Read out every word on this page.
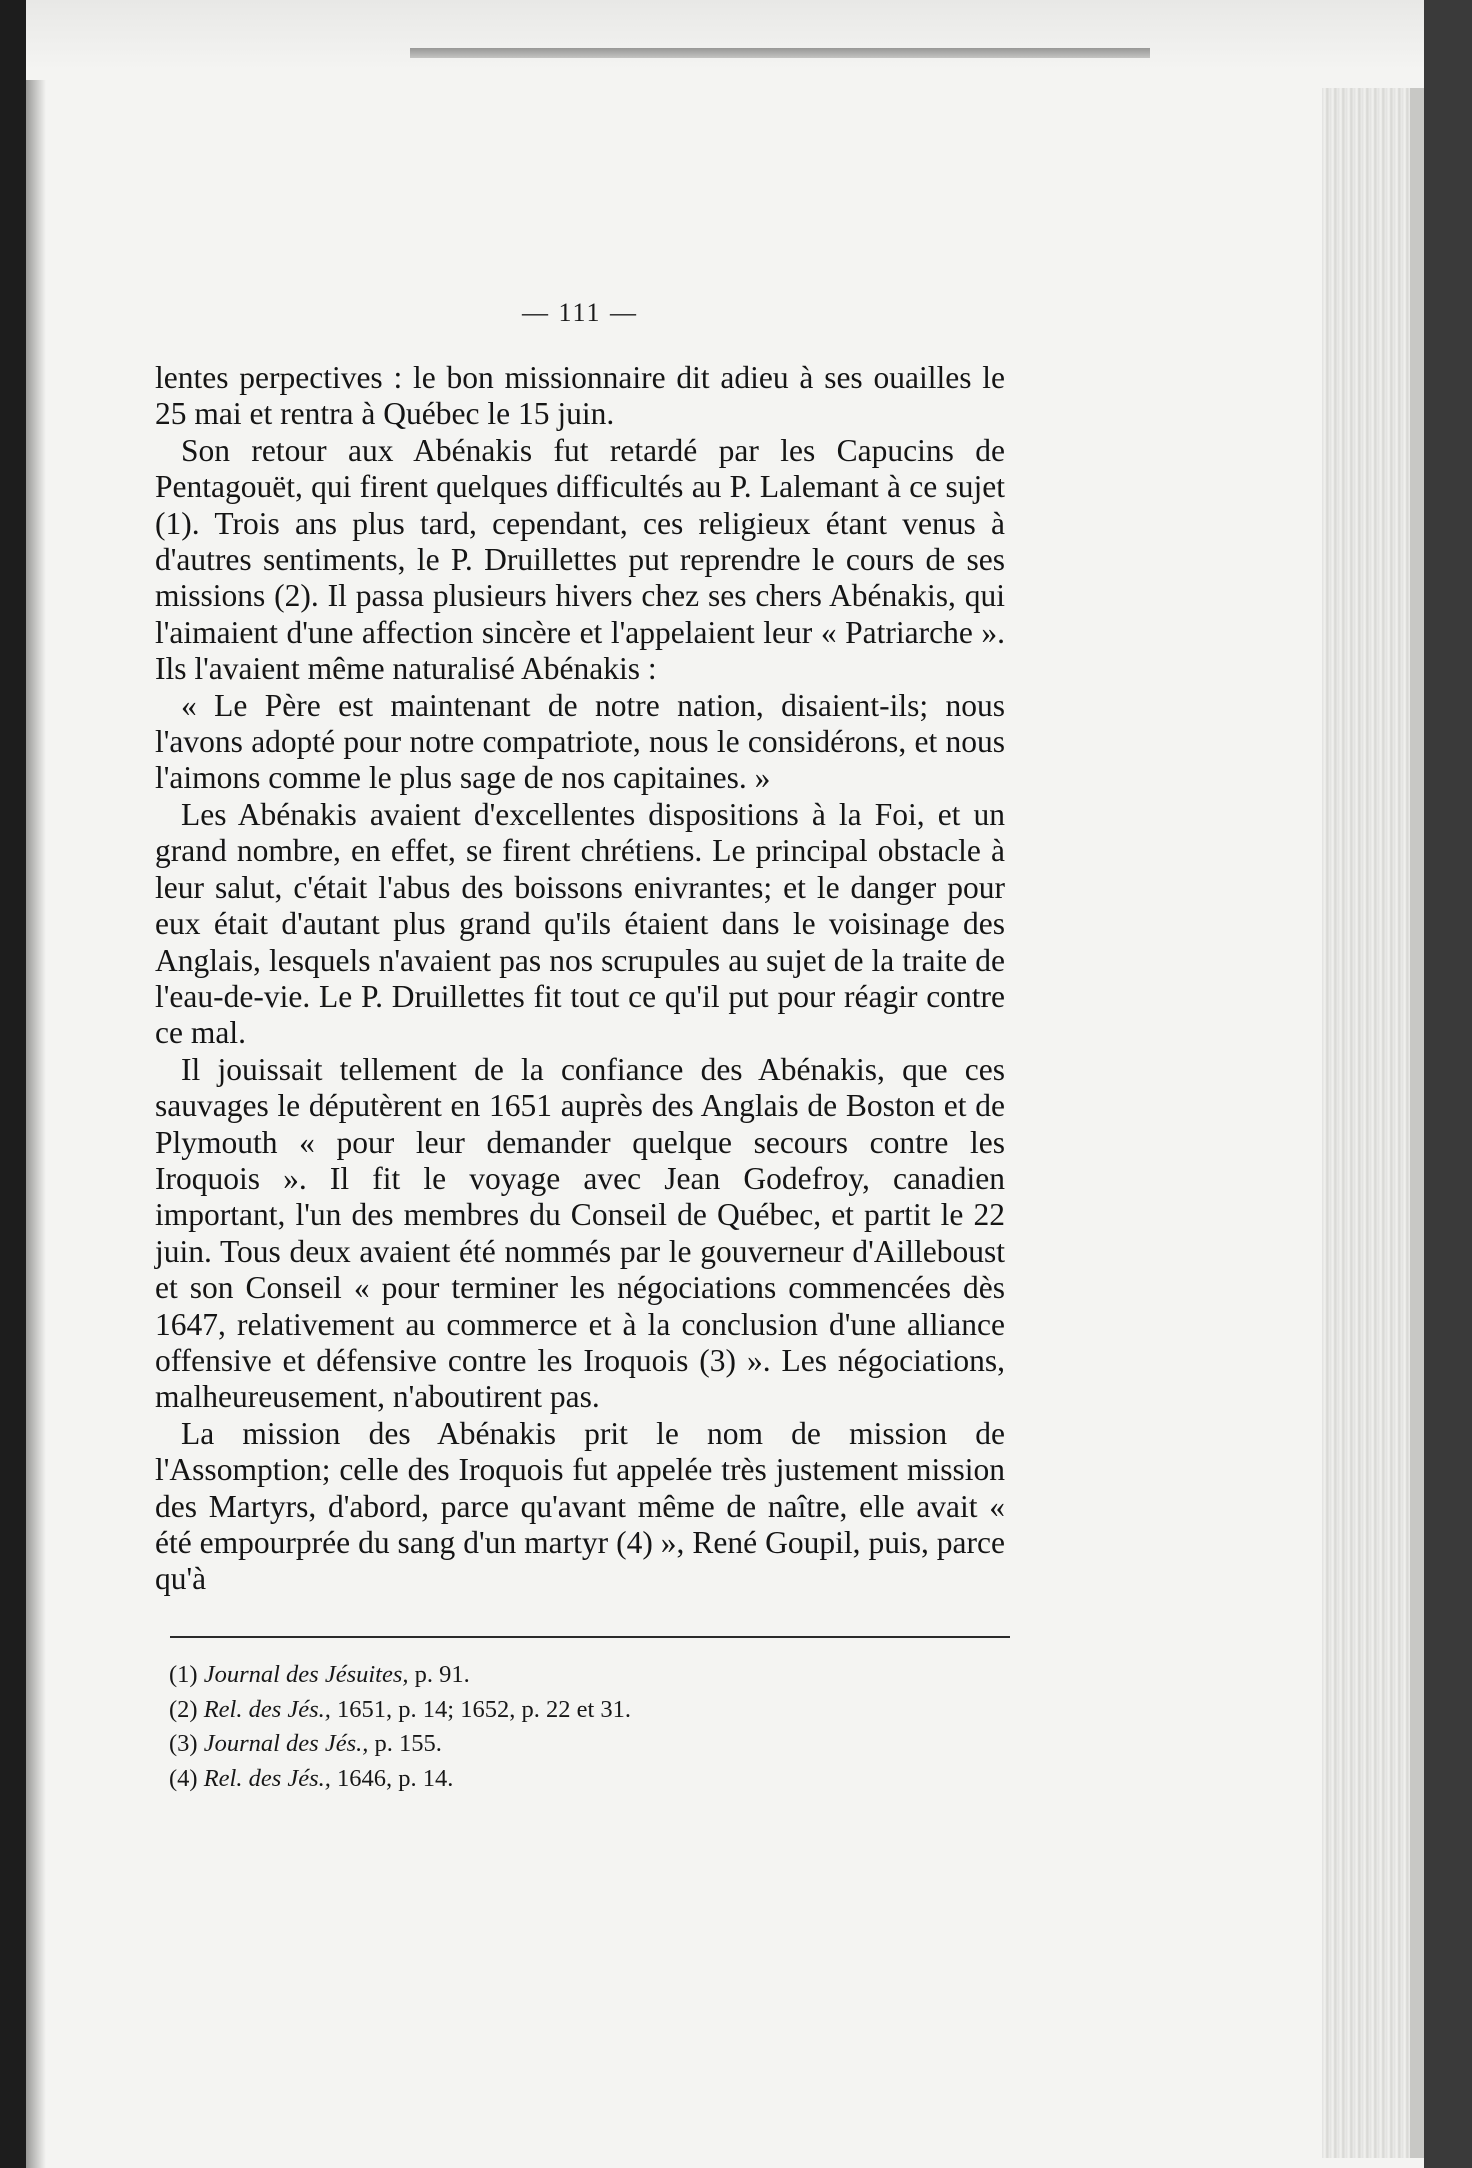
— 111 —

lentes perpectives : le bon missionnaire dit adieu à ses ouailles le 25 mai et rentra à Québec le 15 juin.

Son retour aux Abénakis fut retardé par les Capucins de Pentagouët, qui firent quelques difficultés au P. Lalemant à ce sujet (1). Trois ans plus tard, cependant, ces religieux étant venus à d'autres sentiments, le P. Druillettes put reprendre le cours de ses missions (2). Il passa plusieurs hivers chez ses chers Abénakis, qui l'aimaient d'une affection sincère et l'appelaient leur « Patriarche ». Ils l'avaient même naturalisé Abénakis :

« Le Père est maintenant de notre nation, disaient-ils; nous l'avons adopté pour notre compatriote, nous le considérons, et nous l'aimons comme le plus sage de nos capitaines. »

Les Abénakis avaient d'excellentes dispositions à la Foi, et un grand nombre, en effet, se firent chrétiens. Le principal obstacle à leur salut, c'était l'abus des boissons enivrantes; et le danger pour eux était d'autant plus grand qu'ils étaient dans le voisinage des Anglais, lesquels n'avaient pas nos scrupules au sujet de la traite de l'eau-de-vie. Le P. Druillettes fit tout ce qu'il put pour réagir contre ce mal.

Il jouissait tellement de la confiance des Abénakis, que ces sauvages le députèrent en 1651 auprès des Anglais de Boston et de Plymouth « pour leur demander quelque secours contre les Iroquois ». Il fit le voyage avec Jean Godefroy, canadien important, l'un des membres du Conseil de Québec, et partit le 22 juin. Tous deux avaient été nommés par le gouverneur d'Ailleboust et son Conseil « pour terminer les négociations commencées dès 1647, relativement au commerce et à la conclusion d'une alliance offensive et défensive contre les Iroquois (3) ». Les négociations, malheureusement, n'aboutirent pas.

La mission des Abénakis prit le nom de mission de l'Assomption; celle des Iroquois fut appelée très justement mission des Martyrs, d'abord, parce qu'avant même de naître, elle avait « été empourprée du sang d'un martyr (4) », René Goupil, puis, parce qu'à

(1) Journal des Jésuites, p. 91.
(2) Rel. des Jés., 1651, p. 14; 1652, p. 22 et 31.
(3) Journal des Jés., p. 155.
(4) Rel. des Jés., 1646, p. 14.
